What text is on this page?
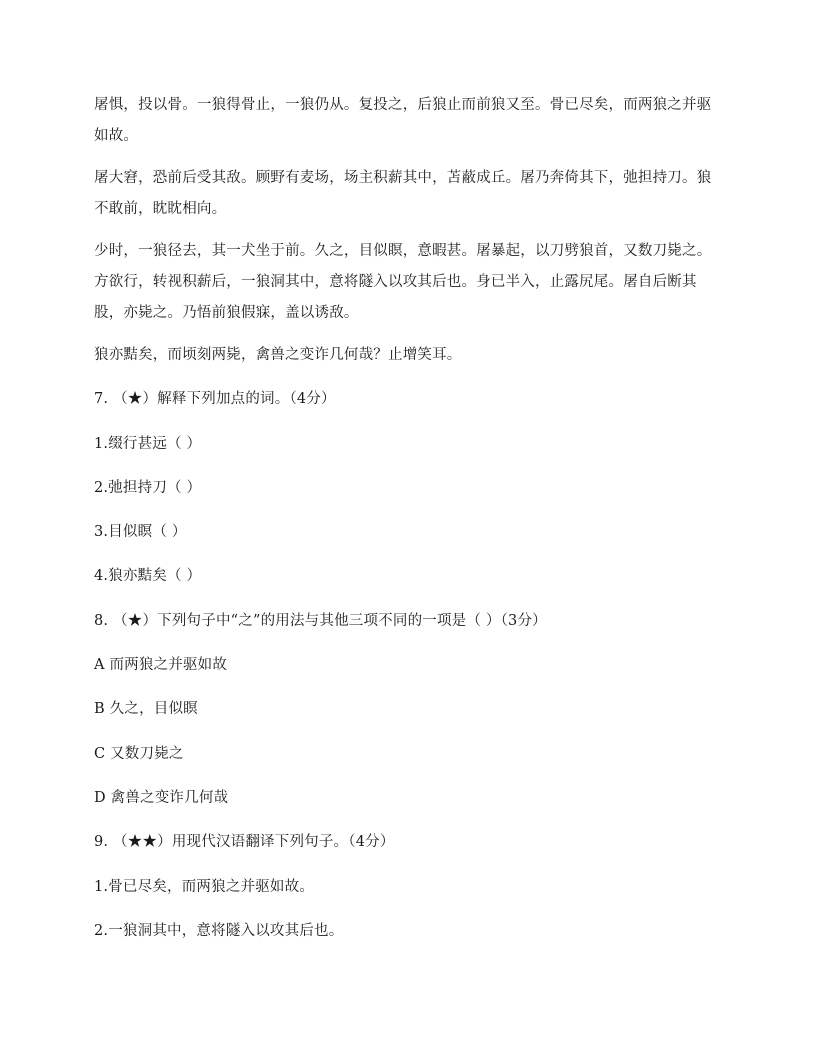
屠惧，投以骨。一狼得骨止，一狼仍从。复投之，后狼止而前狼又至。骨已尽矣，而两狼之并驱如故。

屠大窘，恐前后受其敌。顾野有麦场，场主积薪其中，苫蔽成丘。屠乃奔倚其下，弛担持刀。狼不敢前，眈眈相向。

少时，一狼径去，其一犬坐于前。久之，目似瞑，意暇甚。屠暴起，以刀劈狼首，又数刀毙之。方欲行，转视积薪后，一狼洞其中，意将隧入以攻其后也。身已半入，止露尻尾。屠自后断其股，亦毙之。乃悟前狼假寐，盖以诱敌。

狼亦黠矣，而顷刻两毙，禽兽之变诈几何哉？止增笑耳。

7. （★）解释下列加点的词。（4分）

1.缀行甚远（ ）

2.弛担持刀（ ）

3.目似瞑（ ）

4.狼亦黠矣（ ）

8. （★）下列句子中“之”的用法与其他三项不同的一项是（ ）（3分）

A 而两狼之并驱如故

B 久之，目似瞑

C 又数刀毙之

D 禽兽之变诈几何哉

9. （★★）用现代汉语翻译下列句子。（4分）

1.骨已尽矣，而两狼之并驱如故。

2.一狼洞其中，意将隧入以攻其后也。
